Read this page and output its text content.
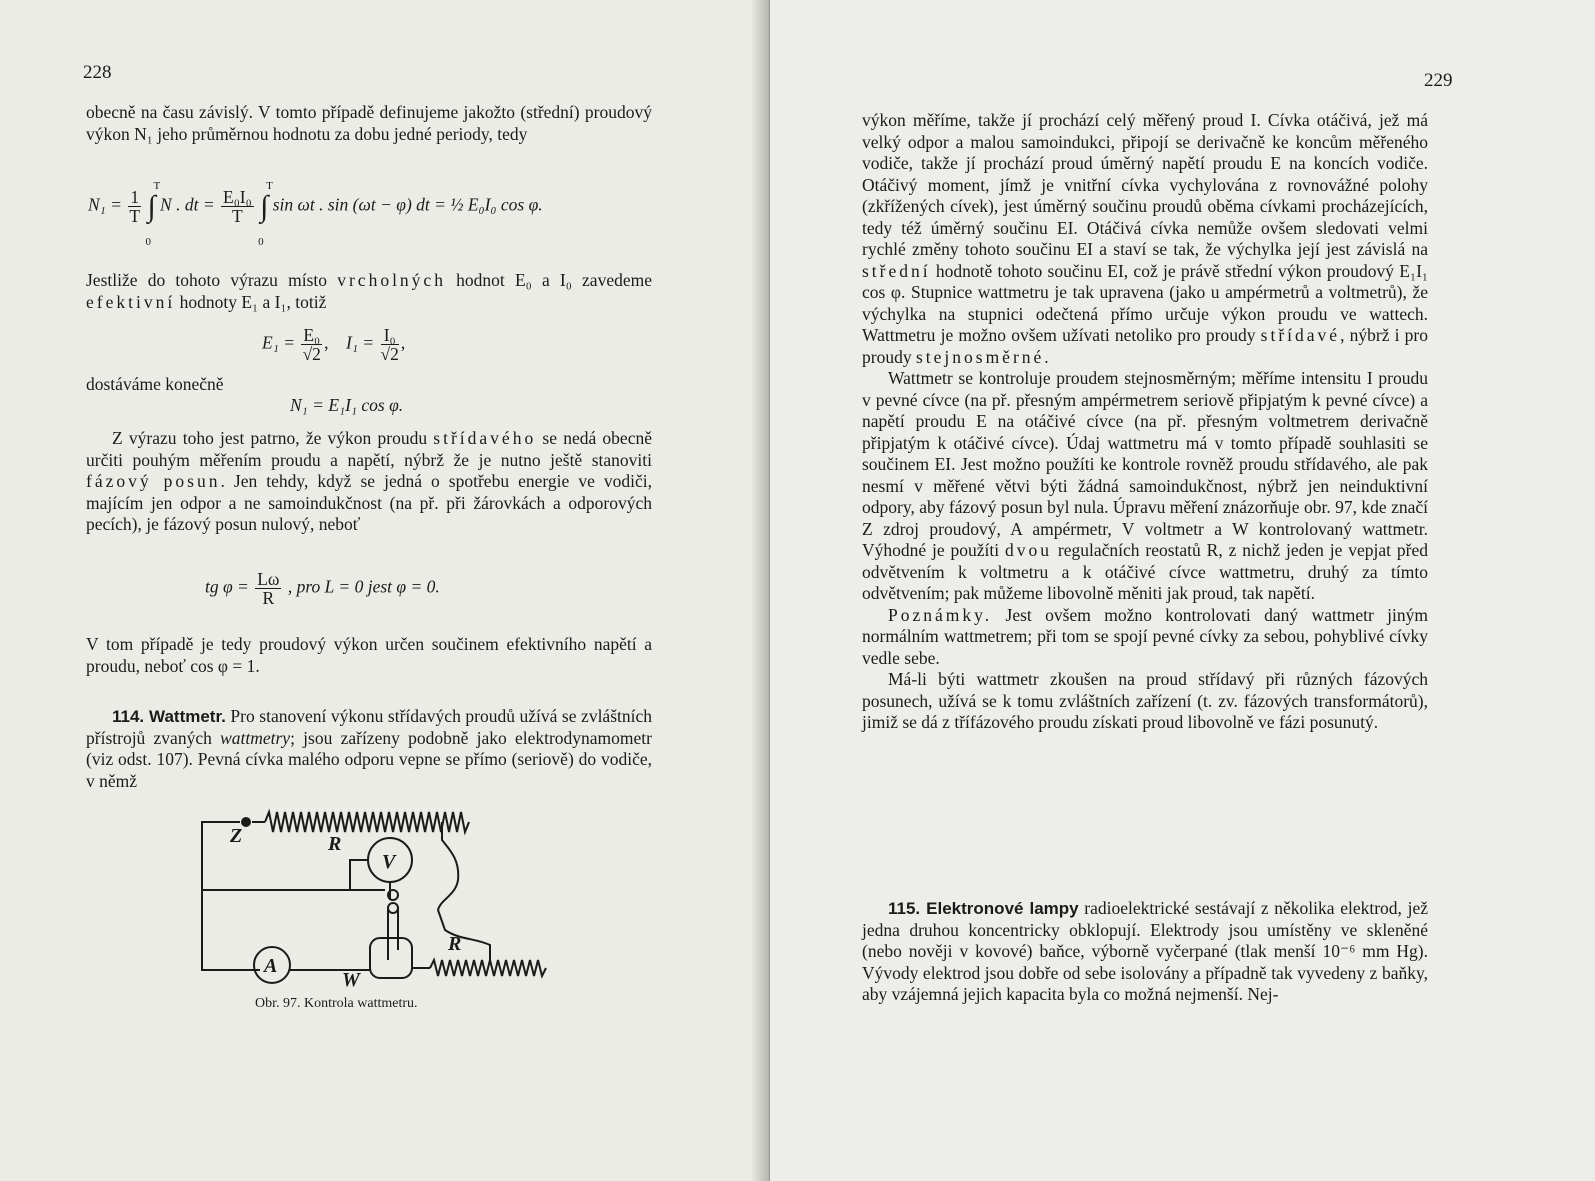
228

obecně na času závislý. V tomto případě definujeme jakožto (střední) proudový výkon N₁ jeho průměrnou hodnotu za dobu jedné periody, tedy

$N_1 = \frac{1}{T}$ ∫
T
0
N . dt = $\frac{\text{E₀I₀}}{T}$ ∫
T
0
sin ωt . sin (ωt − φ) dt = ½ E₀I₀ cos φ.

Jestliže do tohoto výrazu místo vrcholných hodnot E₀ a I₀ zavedeme efektivní hodnoty E₁ a I₁, totiž

$E_1 = \frac{\text{E₀}}{√2}$ , $I_1 = \frac{\text{I₀}}{√2}$ ,

dostáváme konečně

N₁ = E₁I₁ cos φ.

Z výrazu toho jest patrno, že výkon proudu střídavého se nedá obecně určiti pouhým měřením proudu a napětí, nýbrž že je nutno ještě stanoviti fázový posun. Jen tehdy, když se jedná o spotřebu energie ve vodiči, majícím jen odpor a ne samoindukčnost (na př. při žárovkách a odporových pecích), je fázový posun nulový, neboť

tg $\varphi = \frac{L\omega}{R}$ , pro L = 0 jest φ = 0.

V tom případě je tedy proudový výkon určen součinem efektivního napětí a proudu, neboť cos φ = 1.

114. Wattmetr. Pro stanovení výkonu střídavých proudů užívá se zvláštních přístrojů zvaných wattmetry; jsou zařízeny podobně jako elektrodynamometr (viz odst. 107). Pevná cívka malého odporu vepne se přímo (seriově) do vodiče, v němž

Z	R
V
R
A
W
Obr. 97. Kontrola wattmetru.
229

výkon měříme, takže jí prochází celý měřený proud I. Cívka otáčivá, jež má velký odpor a malou samoindukci, připojí se derivačně ke koncům měřeného vodiče, takže jí prochází proud úměrný napětí proudu E na koncích vodiče. Otáčivý moment, jímž je vnitřní cívka vychylována z rovnovážné polohy (zkřížených cívek), jest úměrný součinu proudů oběma cívkami procházejících, tedy též úměrný součinu EI. Otáčivá cívka nemůže ovšem sledovati velmi rychlé změny tohoto součinu EI a staví se tak, že výchylka její jest závislá na střední hodnotě tohoto součinu EI, což je právě střední výkon proudový E₁I₁ cos φ. Stupnice wattmetru je tak upravena (jako u ampérmetrů a voltmetrů), že výchylka na stupnici odečtená přímo určuje výkon proudu ve wattech. Wattmetru je možno ovšem užívati netoliko pro proudy střídavé, nýbrž i pro proudy stejnosměrné.

Wattmetr se kontroluje proudem stejnosměrným; měříme intensitu I proudu v pevné cívce (na př. přesným ampérmetrem seriově připjatým k pevné cívce) a napětí proudu E na otáčivé cívce (na př. přesným voltmetrem derivačně připjatým k otáčivé cívce). Údaj wattmetru má v tomto případě souhlasiti se součinem EI. Jest možno použíti ke kontrole rovněž proudu střídavého, ale pak nesmí v měřené větvi býti žádná samoindukčnost, nýbrž jen neinduktivní odpory, aby fázový posun byl nula. Úpravu měření znázorňuje obr. 97, kde značí Z zdroj proudový, A ampérmetr, V voltmetr a W kontrolovaný wattmetr. Výhodné je použíti dvou regulačních reostatů R, z nichž jeden je vepjat před odvětvením k voltmetru a k otáčivé cívce wattmetru, druhý za tímto odvětvením; pak můžeme libovolně měniti jak proud, tak napětí.

Poznámky. Jest ovšem možno kontrolovati daný wattmetr jiným normálním wattmetrem; při tom se spojí pevné cívky za sebou, pohyblivé cívky vedle sebe.

Má-li býti wattmetr zkoušen na proud střídavý při různých fázových posunech, užívá se k tomu zvláštních zařízení (t. zv. fázových transformátorů), jimiž se dá z třífázového proudu získati proud libovolně ve fázi posunutý.

115. Elektronové lampy radioelektrické sestávají z několika elektrod, jež jedna druhou koncentricky obklopují. Elektrody jsou umístěny ve skleněné (nebo nověji v kovové) baňce, výborně vyčerpané (tlak menší 10⁻⁶ mm Hg). Vývody elektrod jsou dobře od sebe isolovány a případně tak vyvedeny z baňky, aby vzájemná jejich kapacita byla co možná nejmenší. Nej-
